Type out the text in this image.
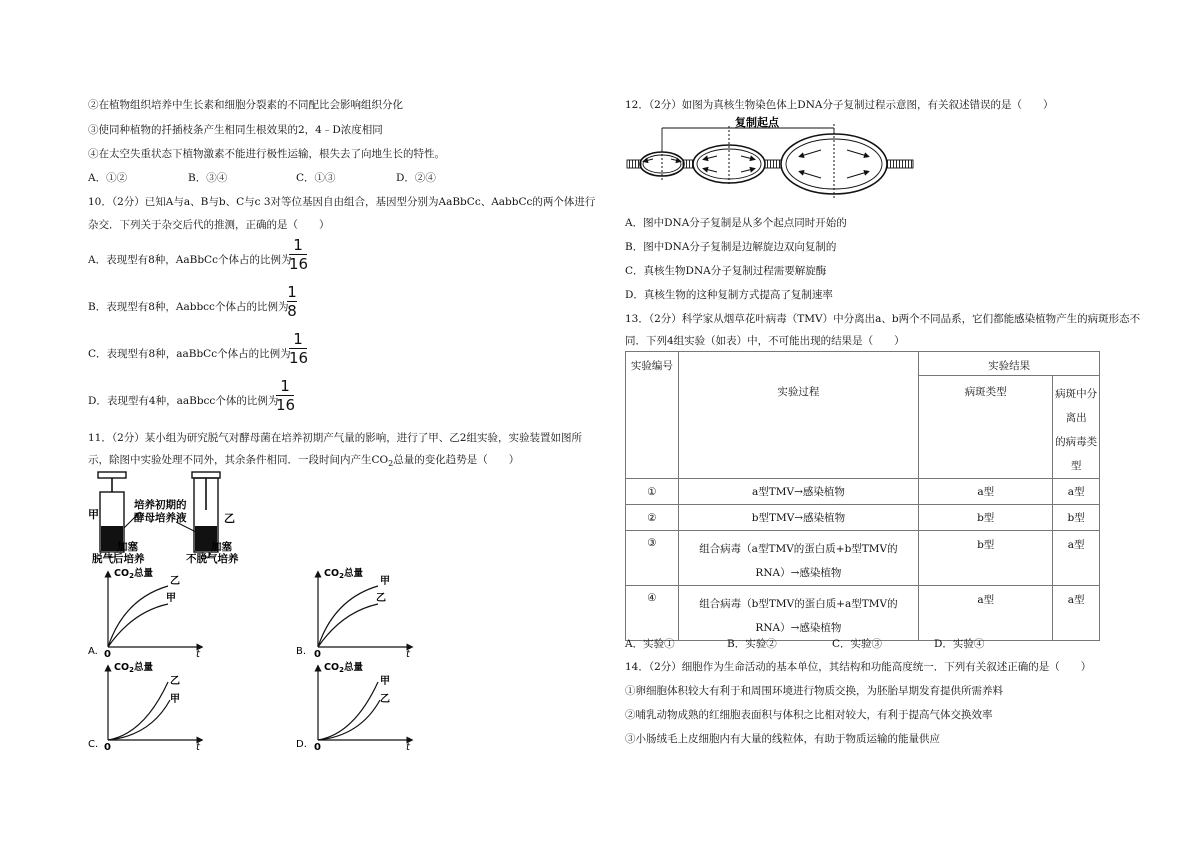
②在植物组织培养中生长素和细胞分裂素的不同配比会影响组织分化
③使同种植物的扦插枝条产生相同生根效果的2，4﹣D浓度相同
④在太空失重状态下植物激素不能进行极性运输，根失去了向地生长的特性。
A．①②	B．③④	C．①③	D．②④
10．（2分）已知A与a、B与b、C与c 3对等位基因自由组合，基因型分别为AaBbCc、AabbCc的两个体进行
杂交．下列关于杂交后代的推测，正确的是（　　）
A．表现型有8种，AaBbCc个体占的比例为
1
16
B．表现型有8种，Aabbcc个体占的比例为
1
8
C．表现型有8种，aaBbCc个体占的比例为
1
16
D．表现型有4种，aaBbcc个体的比例为
1
16
11．（2分）某小组为研究脱气对酵母菌在培养初期产气量的影响，进行了甲、乙2组实验，实验装置如图所
示，除图中实验处理不同外，其余条件相同．一段时间内产生$CO_2$总量的变化趋势是（　　）
甲	乙
培养初期的
酵母培养液
加塞	加塞
脱气后培养	不脱气培养
$CO_2$总量
乙
甲
0	t
A.
$CO_2$总量
甲
乙
0	t
B.
$CO_2$总量
乙
甲
0	t
C.
$CO_2$总量
甲
乙
0	t
D.
12．（2分）如图为真核生物染色体上DNA分子复制过程示意图，有关叙述错误的是（　　）
复制起点
A．图中DNA分子复制是从多个起点同时开始的
B．图中DNA分子复制是边解旋边双向复制的
C．真核生物DNA分子复制过程需要解旋酶
D．真核生物的这种复制方式提高了复制速率
13．（2分）科学家从烟草花叶病毒（TMV）中分离出a、b两个不同品系，它们都能感染植物产生的病斑形态不
同．下列4组实验（如表）中，不可能出现的结果是（　　）
实验编号		实验结果	
	实验过程	病斑类型	病斑中分
离出
的病毒类
型

①	a型TMV→感染植物	a型	a型
②	b型TMV→感染植物	b型	b型
③	组合病毒（a型TMV的蛋白质+b型TMV的
RNA）→感染植物	b型	a型
④	组合病毒（b型TMV的蛋白质+a型TMV的
RNA）→感染植物	a型	a型
A．实验①	B．实验②	C．实验③	D．实验④
14．（2分）细胞作为生命活动的基本单位，其结构和功能高度统一．下列有关叙述正确的是（　　）
①卵细胞体积较大有利于和周围环境进行物质交换，为胚胎早期发育提供所需养料
②哺乳动物成熟的红细胞表面积与体积之比相对较大，有利于提高气体交换效率
③小肠绒毛上皮细胞内有大量的线粒体，有助于物质运输的能量供应
